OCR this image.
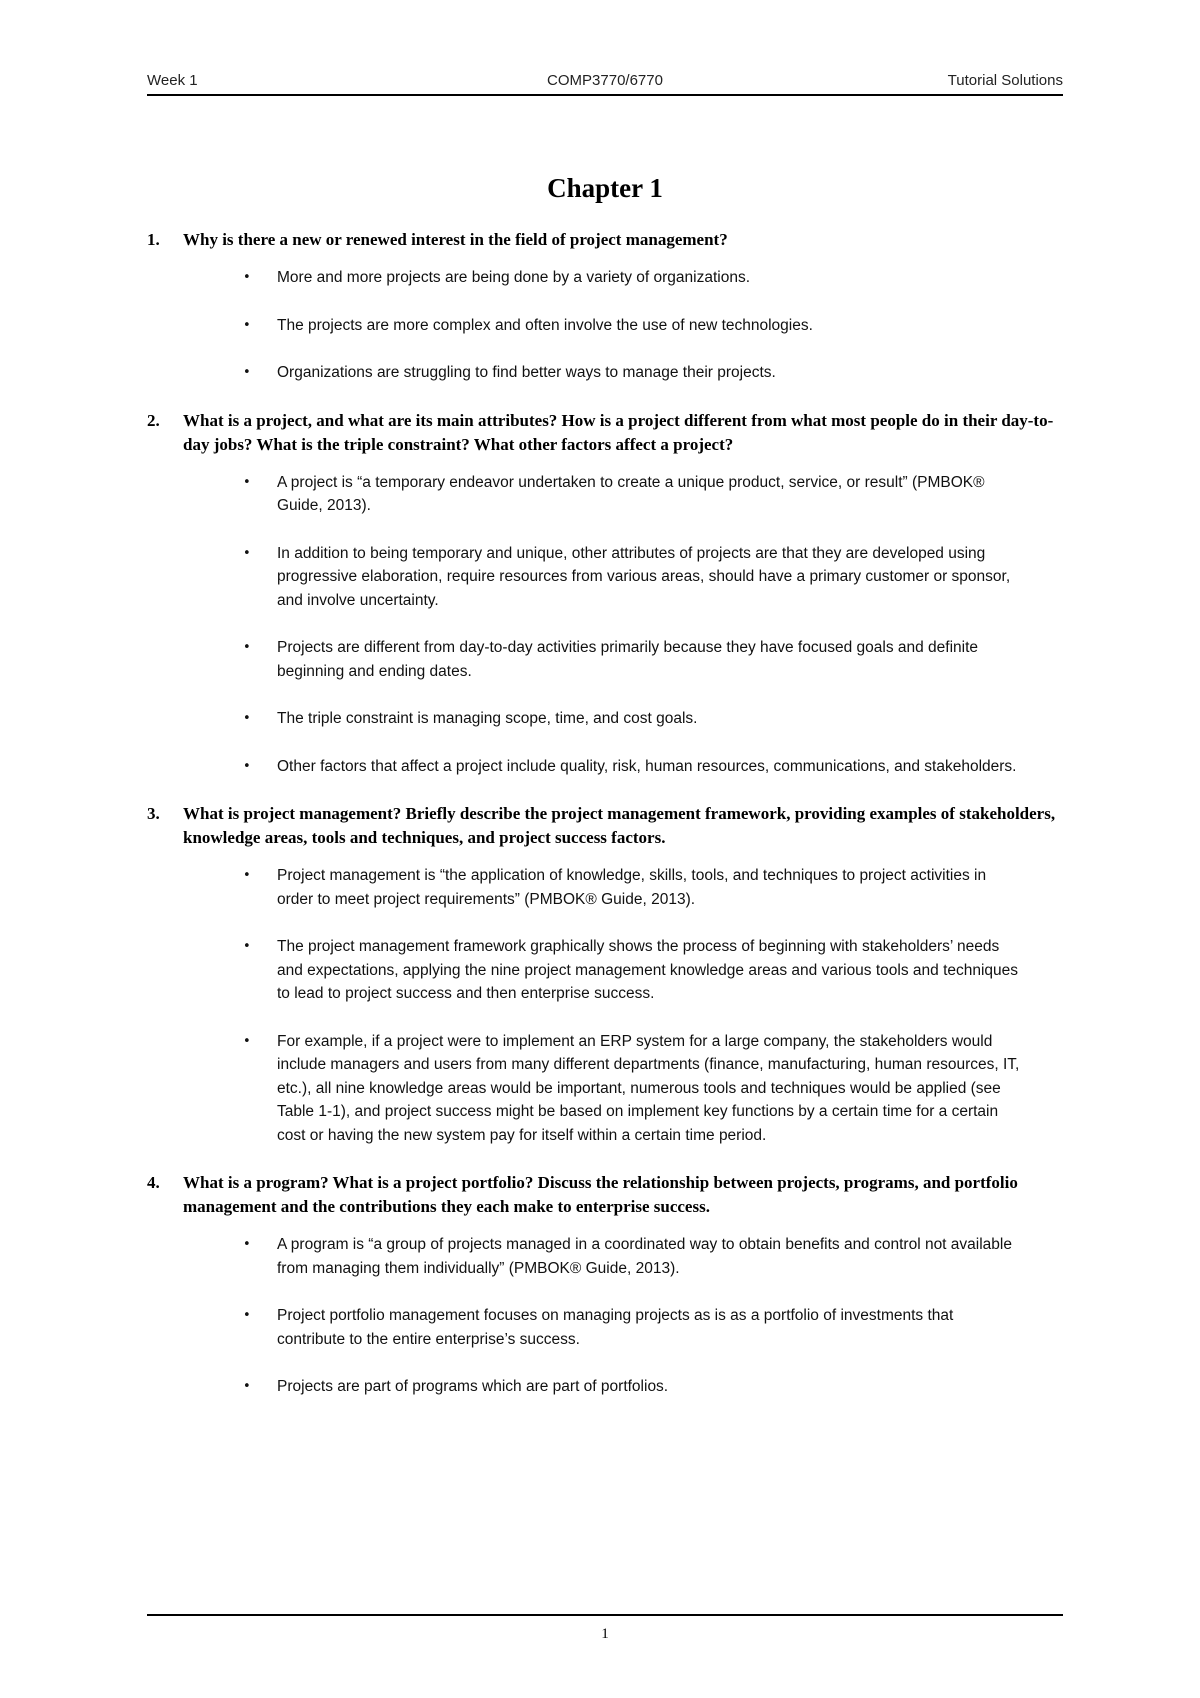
Week 1	COMP3770/6770	Tutorial Solutions
Chapter 1
1. Why is there a new or renewed interest in the field of project management?
• More and more projects are being done by a variety of organizations.
• The projects are more complex and often involve the use of new technologies.
• Organizations are struggling to find better ways to manage their projects.
2. What is a project, and what are its main attributes? How is a project different from what most people do in their day-to-day jobs? What is the triple constraint? What other factors affect a project?
• A project is “a temporary endeavor undertaken to create a unique product, service, or result” (PMBOK® Guide, 2013).
• In addition to being temporary and unique, other attributes of projects are that they are developed using progressive elaboration, require resources from various areas, should have a primary customer or sponsor, and involve uncertainty.
• Projects are different from day-to-day activities primarily because they have focused goals and definite beginning and ending dates.
• The triple constraint is managing scope, time, and cost goals.
• Other factors that affect a project include quality, risk, human resources, communications, and stakeholders.
3. What is project management? Briefly describe the project management framework, providing examples of stakeholders, knowledge areas, tools and techniques, and project success factors.
• Project management is “the application of knowledge, skills, tools, and techniques to project activities in order to meet project requirements” (PMBOK® Guide, 2013).
• The project management framework graphically shows the process of beginning with stakeholders’ needs and expectations, applying the nine project management knowledge areas and various tools and techniques to lead to project success and then enterprise success.
• For example, if a project were to implement an ERP system for a large company, the stakeholders would include managers and users from many different departments (finance, manufacturing, human resources, IT, etc.), all nine knowledge areas would be important, numerous tools and techniques would be applied (see Table 1-1), and project success might be based on implement key functions by a certain time for a certain cost or having the new system pay for itself within a certain time period.
4. What is a program? What is a project portfolio? Discuss the relationship between projects, programs, and portfolio management and the contributions they each make to enterprise success.
• A program is “a group of projects managed in a coordinated way to obtain benefits and control not available from managing them individually” (PMBOK® Guide, 2013).
• Project portfolio management focuses on managing projects as is as a portfolio of investments that contribute to the entire enterprise’s success.
• Projects are part of programs which are part of portfolios.
1
